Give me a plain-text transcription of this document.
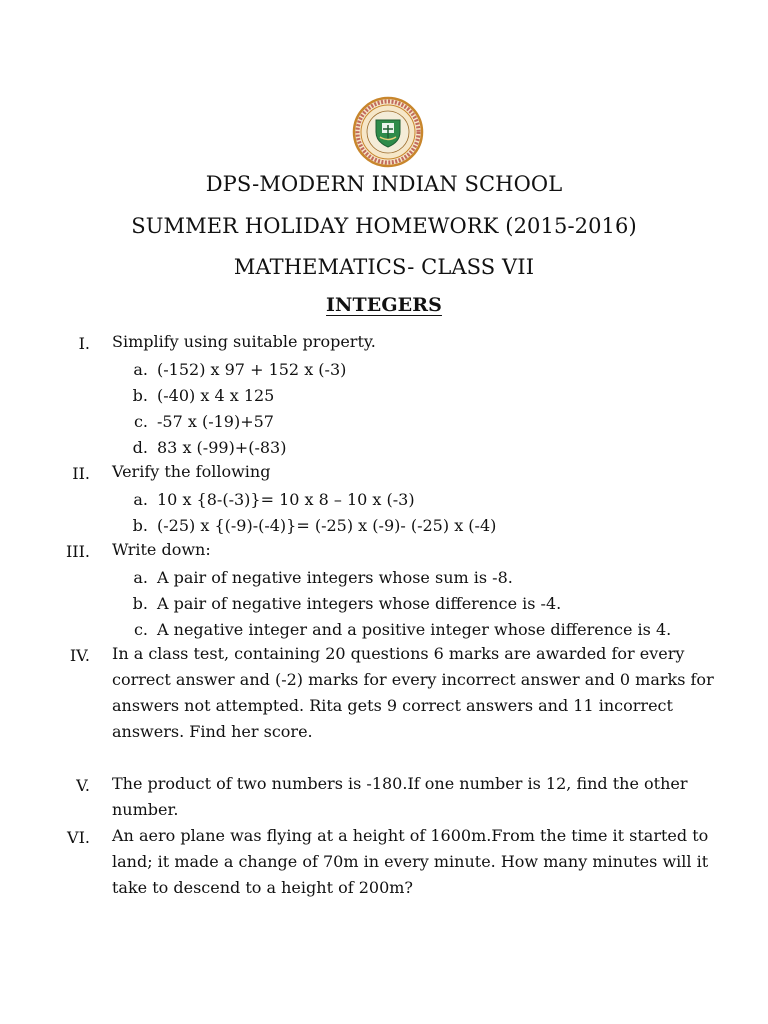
DPS-MODERN INDIAN SCHOOL
SUMMER HOLIDAY HOMEWORK (2015-2016)
MATHEMATICS- CLASS VII
INTEGERS
I. Simplify using suitable property.
a. (-152) x 97 + 152 x (-3)
b. (-40) x 4 x 125
c. -57 x (-19)+57
d. 83 x (-99)+(-83)
II. Verify the following
a. 10 x {8-(-3)}= 10 x 8 – 10 x (-3)
b. (-25) x {(-9)-(-4)}= (-25) x (-9)- (-25) x (-4)
III. Write down:
a. A pair of negative integers whose sum is -8.
b. A pair of negative integers whose difference is -4.
c. A negative integer and a positive integer whose difference is 4.
IV. In a class test, containing 20 questions 6 marks are awarded for every
correct answer and (-2) marks for every incorrect answer and 0 marks for
answers not attempted. Rita gets 9 correct answers and 11 incorrect
answers. Find her score.
V. The product of two numbers is -180.If one number is 12, find the other
number.
VI. An aero plane was flying at a height of 1600m.From the time it started to
land; it made a change of 70m in every minute. How many minutes will it
take to descend to a height of 200m?
